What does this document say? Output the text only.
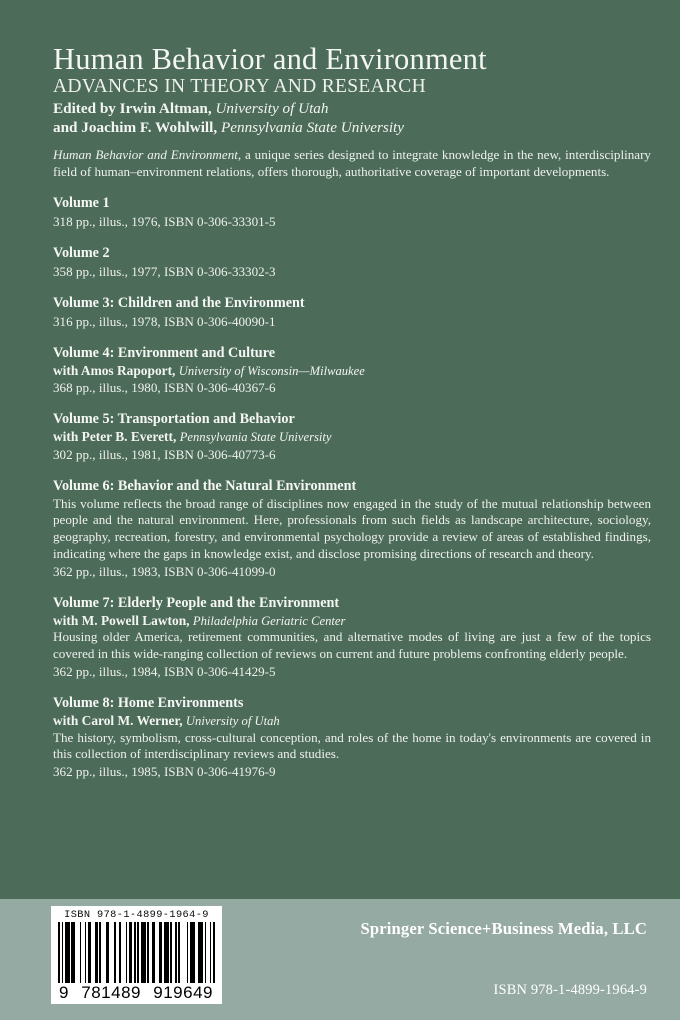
Human Behavior and Environment
ADVANCES IN THEORY AND RESEARCH
Edited by Irwin Altman, University of Utah
and Joachim F. Wohlwill, Pennsylvania State University

Human Behavior and Environment, a unique series designed to integrate knowledge in the new, interdisciplinary field of human–environment relations, offers thorough, authoritative coverage of important developments.

Volume 1

318 pp., illus., 1976, ISBN 0-306-33301-5

Volume 2

358 pp., illus., 1977, ISBN 0-306-33302-3

Volume 3: Children and the Environment

316 pp., illus., 1978, ISBN 0-306-40090-1

Volume 4: Environment and Culture

with Amos Rapoport, University of Wisconsin—Milwaukee

368 pp., illus., 1980, ISBN 0-306-40367-6

Volume 5: Transportation and Behavior

with Peter B. Everett, Pennsylvania State University

302 pp., illus., 1981, ISBN 0-306-40773-6

Volume 6: Behavior and the Natural Environment

This volume reflects the broad range of disciplines now engaged in the study of the mutual relationship between people and the natural environment. Here, professionals from such fields as landscape architecture, sociology, geography, recreation, forestry, and environmental psychology provide a review of areas of established findings, indicating where the gaps in knowledge exist, and disclose promising directions of research and theory.

362 pp., illus., 1983, ISBN 0-306-41099-0

Volume 7: Elderly People and the Environment

with M. Powell Lawton, Philadelphia Geriatric Center

Housing older America, retirement communities, and alternative modes of living are just a few of the topics covered in this wide-ranging collection of reviews on current and future problems confronting elderly people.

362 pp., illus., 1984, ISBN 0-306-41429-5

Volume 8: Home Environments

with Carol M. Werner, University of Utah

The history, symbolism, cross-cultural conception, and roles of the home in today's environments are covered in this collection of interdisciplinary reviews and studies.

362 pp., illus., 1985, ISBN 0-306-41976-9

ISBN 978-1-4899-1964-9
9 781489 919649
Springer Science+Business Media, LLC
ISBN 978-1-4899-1964-9
